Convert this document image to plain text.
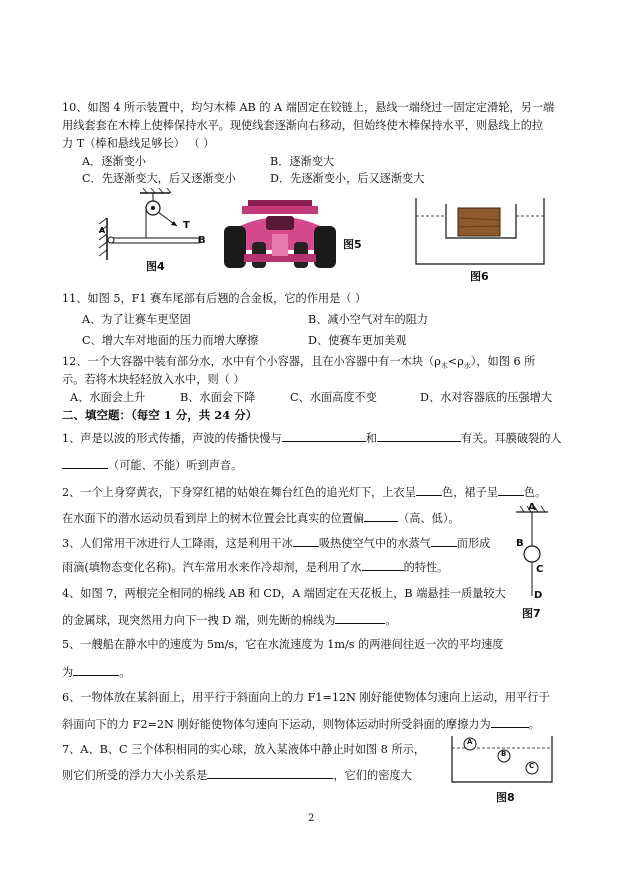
10、如图 4 所示装置中，均匀木棒 AB 的 A 端固定在铰链上，悬线一端绕过一固定定滑轮，另一端
用线套套在木棒上使棒保持水平。现使线套逐渐向右移动，但始终使木棒保持水平，则悬线上的拉
力 T（棒和悬线足够长） （ ）
A．逐渐变小	B．逐渐变大
C．先逐渐变大，后又逐渐变小	D．先逐渐变小，后又逐渐变大
A
B
T
图4
图5
图6
11、如图 5，F1 赛车尾部有后翘的合金板，它的作用是（ ）
A、为了让赛车更坚固	B、减小空气对车的阻力
C、增大车对地面的压力而增大摩擦	D、使赛车更加美观
12、一个大容器中装有部分水，水中有个小容器，且在小容器中有一木块$(\rho_木<\rho_水)$，如图 6 所
示。若将木块轻轻放入水中，则（ ）
A、水面会上升	B、水面会下降	C、水面高度不变	D、水对容器底的压强增大
二、填空题：（每空 1 分，共 24 分）
1、声是以波的形式传播，声波的传播快慢与	和	有关。耳膜破裂的人
（可能、不能）听到声音。
2、一个上身穿黄衣，下身穿红裙的姑娘在舞台红色的追光灯下，上衣呈 色，裙子呈 色。
在水面下的潜水运动员看到岸上的树木位置会比真实的位置偏	（高、低）。
3、人们常用干冰进行人工降雨，这是利用干冰 吸热使空气中的水蒸气 而形成
雨滴(填物态变化名称)。汽车常用水来作冷却剂，是利用了水	的特性。
A
B
C
D
图7
4、如图 7，两根完全相同的棉线 AB 和 CD，A 端固定在天花板上，B 端悬挂一质量较大
的金属球，现突然用力向下一拽 D 端，则先断的棉线为	。
5、一艘船在静水中的速度为 5m/s，它在水流速度为 1m/s 的两港间往返一次的平均速度
为	。
6、一物体放在某斜面上，用平行于斜面向上的力 F1=12N 刚好能使物体匀速向上运动，用平行于
斜面向下的力 F2=2N 刚好能使物体匀速向下运动，则物体运动时所受斜面的摩擦力为	。
7、A、B、C 三个体积相同的实心球，放入某液体中静止时如图 8 所示，
则它们所受的浮力大小关系是	，它们的密度大
A
B
C
图8
2
